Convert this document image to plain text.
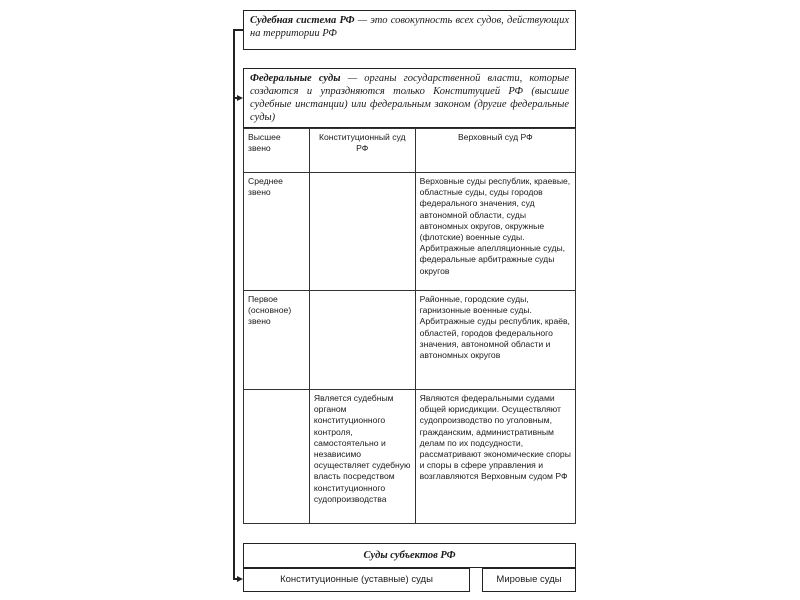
Судебная система РФ — это совокупность всех судов, действующих на территории РФ
Федеральные суды — органы государственной власти, которые создаются и упраздняются только Конституцией РФ (высшие судебные инстанции) или федеральным законом (другие федеральные суды)
Высшее звено	Конституционный суд РФ	Верховный суд РФ
Среднее звено		Верховные суды республик, краевые, областные суды, суды городов федерального значения, суд автономной области, суды автономных округов, окружные (флотские) военные суды. Арбитражные апелляционные суды, федеральные арбитражные суды округов
Первое (основное) звено		Районные, городские суды, гарнизонные военные суды. Арбитражные суды республик, краёв, областей, городов федерального значения, автономной области и автономных округов
	Является судебным органом конституционного контроля, самостоятельно и независимо осуществляет судебную власть посредством конституционного судопроизводства	Являются федеральными судами общей юрисдикции. Осуществляют судопроизводство по уголовным, гражданским, административным делам по их подсудности, рассматривают экономические споры и споры в сфере управления и возглавляются Верховным судом РФ
Суды субъектов РФ
Конституционные (уставные) суды	Мировые суды
